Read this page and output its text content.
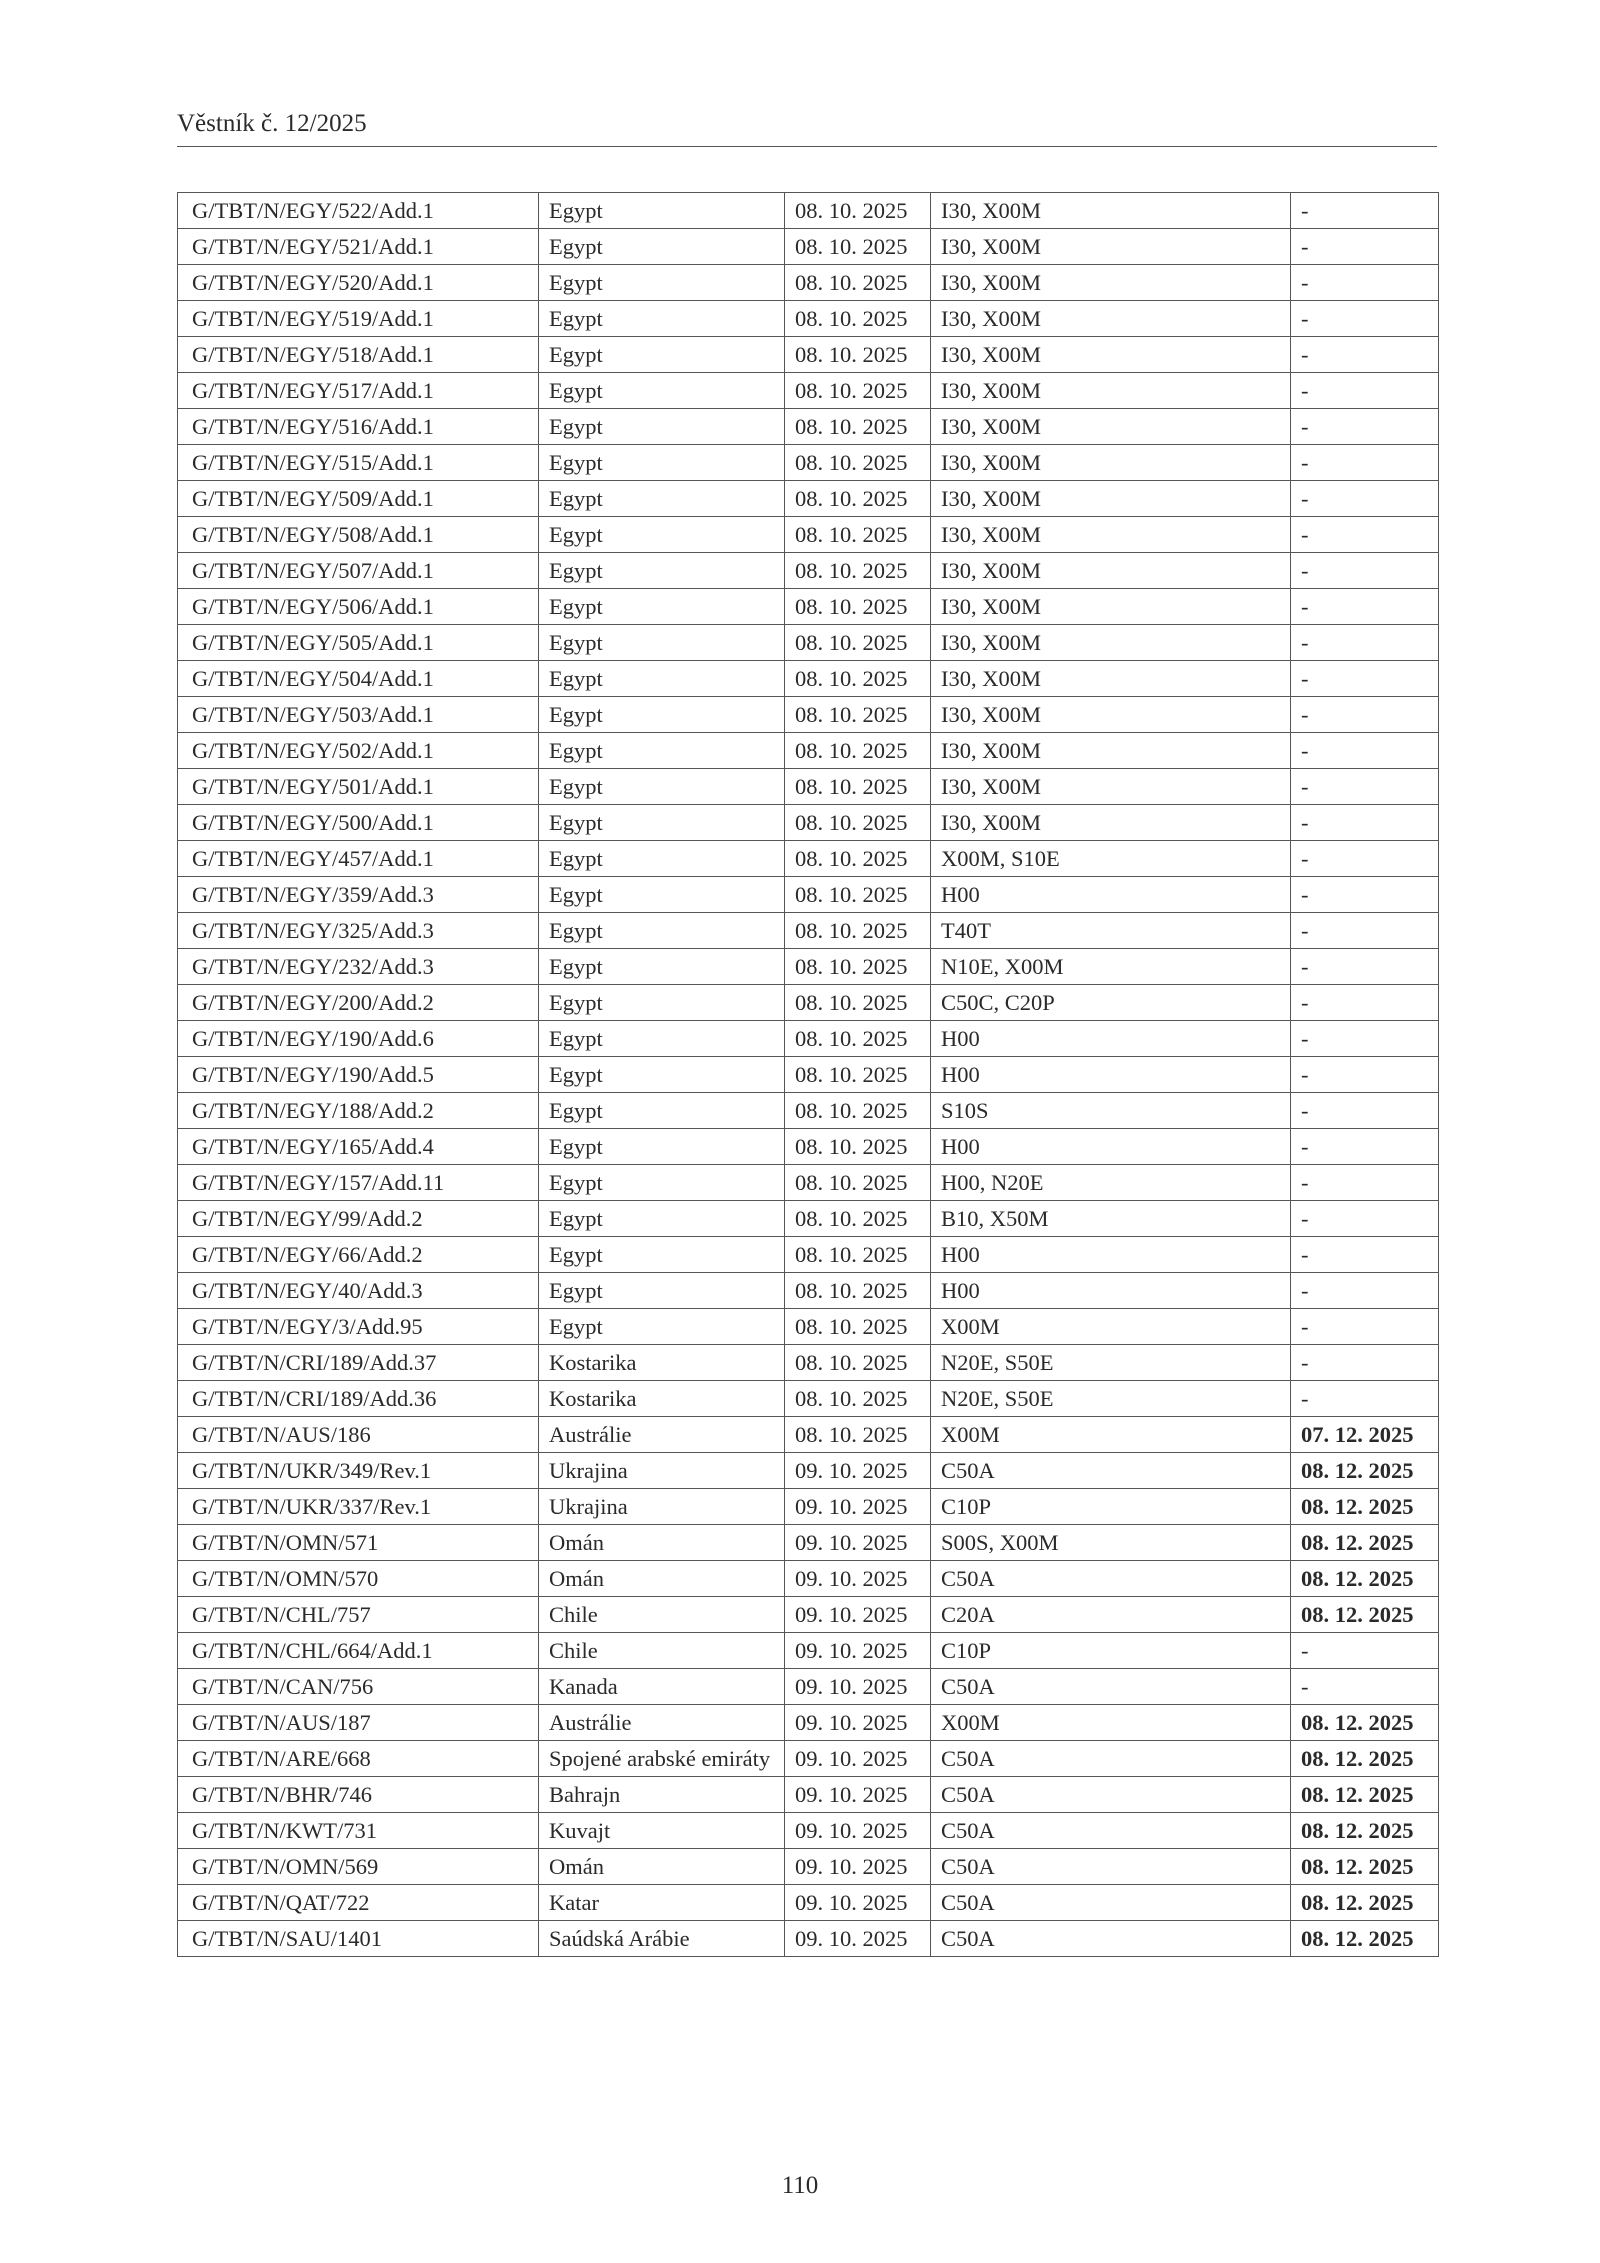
Věstník č. 12/2025
G/TBT/N/EGY/522/Add.1	Egypt	08. 10. 2025	I30, X00M	-
G/TBT/N/EGY/521/Add.1	Egypt	08. 10. 2025	I30, X00M	-
G/TBT/N/EGY/520/Add.1	Egypt	08. 10. 2025	I30, X00M	-
G/TBT/N/EGY/519/Add.1	Egypt	08. 10. 2025	I30, X00M	-
G/TBT/N/EGY/518/Add.1	Egypt	08. 10. 2025	I30, X00M	-
G/TBT/N/EGY/517/Add.1	Egypt	08. 10. 2025	I30, X00M	-
G/TBT/N/EGY/516/Add.1	Egypt	08. 10. 2025	I30, X00M	-
G/TBT/N/EGY/515/Add.1	Egypt	08. 10. 2025	I30, X00M	-
G/TBT/N/EGY/509/Add.1	Egypt	08. 10. 2025	I30, X00M	-
G/TBT/N/EGY/508/Add.1	Egypt	08. 10. 2025	I30, X00M	-
G/TBT/N/EGY/507/Add.1	Egypt	08. 10. 2025	I30, X00M	-
G/TBT/N/EGY/506/Add.1	Egypt	08. 10. 2025	I30, X00M	-
G/TBT/N/EGY/505/Add.1	Egypt	08. 10. 2025	I30, X00M	-
G/TBT/N/EGY/504/Add.1	Egypt	08. 10. 2025	I30, X00M	-
G/TBT/N/EGY/503/Add.1	Egypt	08. 10. 2025	I30, X00M	-
G/TBT/N/EGY/502/Add.1	Egypt	08. 10. 2025	I30, X00M	-
G/TBT/N/EGY/501/Add.1	Egypt	08. 10. 2025	I30, X00M	-
G/TBT/N/EGY/500/Add.1	Egypt	08. 10. 2025	I30, X00M	-
G/TBT/N/EGY/457/Add.1	Egypt	08. 10. 2025	X00M, S10E	-
G/TBT/N/EGY/359/Add.3	Egypt	08. 10. 2025	H00	-
G/TBT/N/EGY/325/Add.3	Egypt	08. 10. 2025	T40T	-
G/TBT/N/EGY/232/Add.3	Egypt	08. 10. 2025	N10E, X00M	-
G/TBT/N/EGY/200/Add.2	Egypt	08. 10. 2025	C50C, C20P	-
G/TBT/N/EGY/190/Add.6	Egypt	08. 10. 2025	H00	-
G/TBT/N/EGY/190/Add.5	Egypt	08. 10. 2025	H00	-
G/TBT/N/EGY/188/Add.2	Egypt	08. 10. 2025	S10S	-
G/TBT/N/EGY/165/Add.4	Egypt	08. 10. 2025	H00	-
G/TBT/N/EGY/157/Add.11	Egypt	08. 10. 2025	H00, N20E	-
G/TBT/N/EGY/99/Add.2	Egypt	08. 10. 2025	B10, X50M	-
G/TBT/N/EGY/66/Add.2	Egypt	08. 10. 2025	H00	-
G/TBT/N/EGY/40/Add.3	Egypt	08. 10. 2025	H00	-
G/TBT/N/EGY/3/Add.95	Egypt	08. 10. 2025	X00M	-
G/TBT/N/CRI/189/Add.37	Kostarika	08. 10. 2025	N20E, S50E	-
G/TBT/N/CRI/189/Add.36	Kostarika	08. 10. 2025	N20E, S50E	-
G/TBT/N/AUS/186	Austrálie	08. 10. 2025	X00M	07. 12. 2025
G/TBT/N/UKR/349/Rev.1	Ukrajina	09. 10. 2025	C50A	08. 12. 2025
G/TBT/N/UKR/337/Rev.1	Ukrajina	09. 10. 2025	C10P	08. 12. 2025
G/TBT/N/OMN/571	Omán	09. 10. 2025	S00S, X00M	08. 12. 2025
G/TBT/N/OMN/570	Omán	09. 10. 2025	C50A	08. 12. 2025
G/TBT/N/CHL/757	Chile	09. 10. 2025	C20A	08. 12. 2025
G/TBT/N/CHL/664/Add.1	Chile	09. 10. 2025	C10P	-
G/TBT/N/CAN/756	Kanada	09. 10. 2025	C50A	-
G/TBT/N/AUS/187	Austrálie	09. 10. 2025	X00M	08. 12. 2025
G/TBT/N/ARE/668	Spojené arabské emiráty	09. 10. 2025	C50A	08. 12. 2025
G/TBT/N/BHR/746	Bahrajn	09. 10. 2025	C50A	08. 12. 2025
G/TBT/N/KWT/731	Kuvajt	09. 10. 2025	C50A	08. 12. 2025
G/TBT/N/OMN/569	Omán	09. 10. 2025	C50A	08. 12. 2025
G/TBT/N/QAT/722	Katar	09. 10. 2025	C50A	08. 12. 2025
G/TBT/N/SAU/1401	Saúdská Arábie	09. 10. 2025	C50A	08. 12. 2025
110
